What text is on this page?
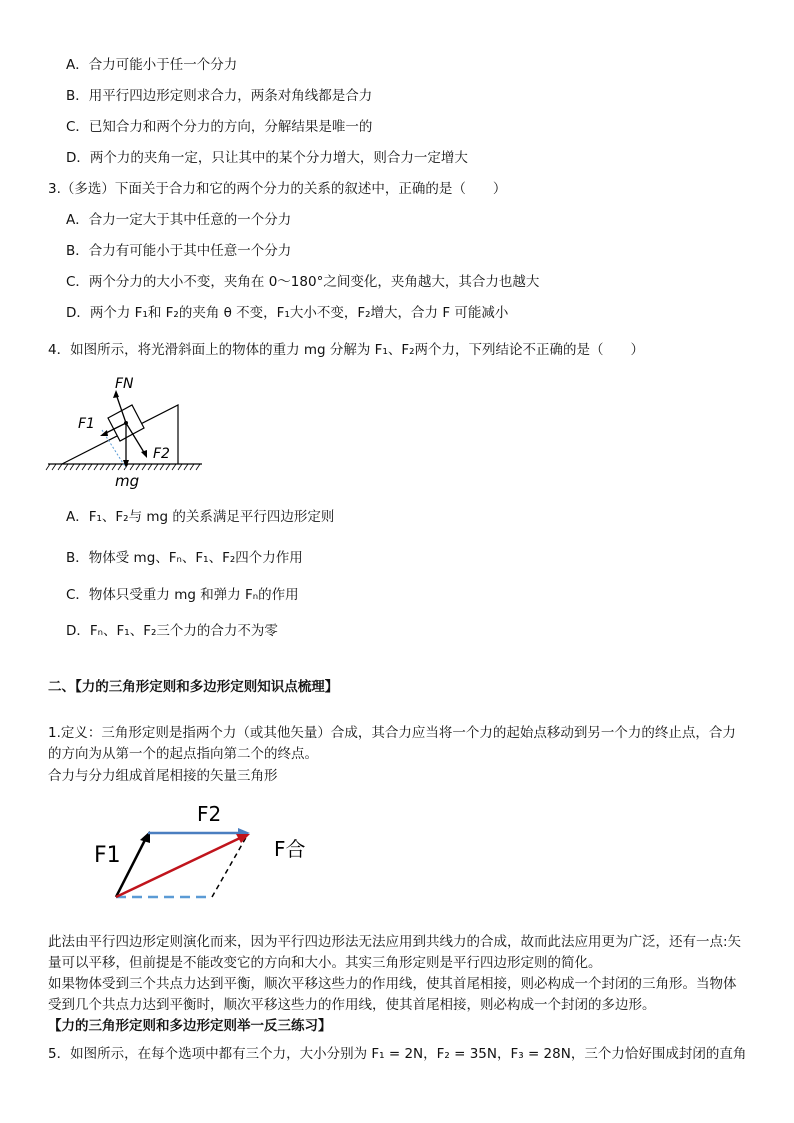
A．合力可能小于任一个分力
B．用平行四边形定则求合力，两条对角线都是合力
C．已知合力和两个分力的方向，分解结果是唯一的
D．两个力的夹角一定，只让其中的某个分力增大，则合力一定增大
3.（多选）下面关于合力和它的两个分力的关系的叙述中，正确的是（　　）
A．合力一定大于其中任意的一个分力
B．合力有可能小于其中任意一个分力
C．两个分力的大小不变，夹角在 0～180°之间变化，夹角越大，其合力也越大
D．两个力 F₁和 F₂的夹角 θ 不变，F₁大小不变，F₂增大，合力 F 可能减小
4．如图所示，将光滑斜面上的物体的重力 mg 分解为 F₁、F₂两个力，下列结论不正确的是（　　）
FN
F1
F2
mg
A．F₁、F₂与 mg 的关系满足平行四边形定则
B．物体受 mg、Fₙ、F₁、F₂四个力作用
C．物体只受重力 mg 和弹力 Fₙ的作用
D．Fₙ、F₁、F₂三个力的合力不为零
二、【力的三角形定则和多边形定则知识点梳理】
1.定义：三角形定则是指两个力（或其他矢量）合成，其合力应当将一个力的起始点移动到另一个力的终止点，合力的方向为从第一个的起点指向第二个的终点。
合力与分力组成首尾相接的矢量三角形
F1
F2
F合
此法由平行四边形定则演化而来，因为平行四边形法无法应用到共线力的合成，故而此法应用更为广泛，还有一点:矢量可以平移，但前提是不能改变它的方向和大小。其实三角形定则是平行四边形定则的简化。
如果物体受到三个共点力达到平衡，顺次平移这些力的作用线，使其首尾相接，则必构成一个封闭的三角形。当物体受到几个共点力达到平衡时，顺次平移这些力的作用线，使其首尾相接，则必构成一个封闭的多边形。
【力的三角形定则和多边形定则举一反三练习】
5．如图所示，在每个选项中都有三个力，大小分别为 F₁ = 2N，F₂ = 35N，F₃ = 28N，三个力恰好围成封闭的直角
